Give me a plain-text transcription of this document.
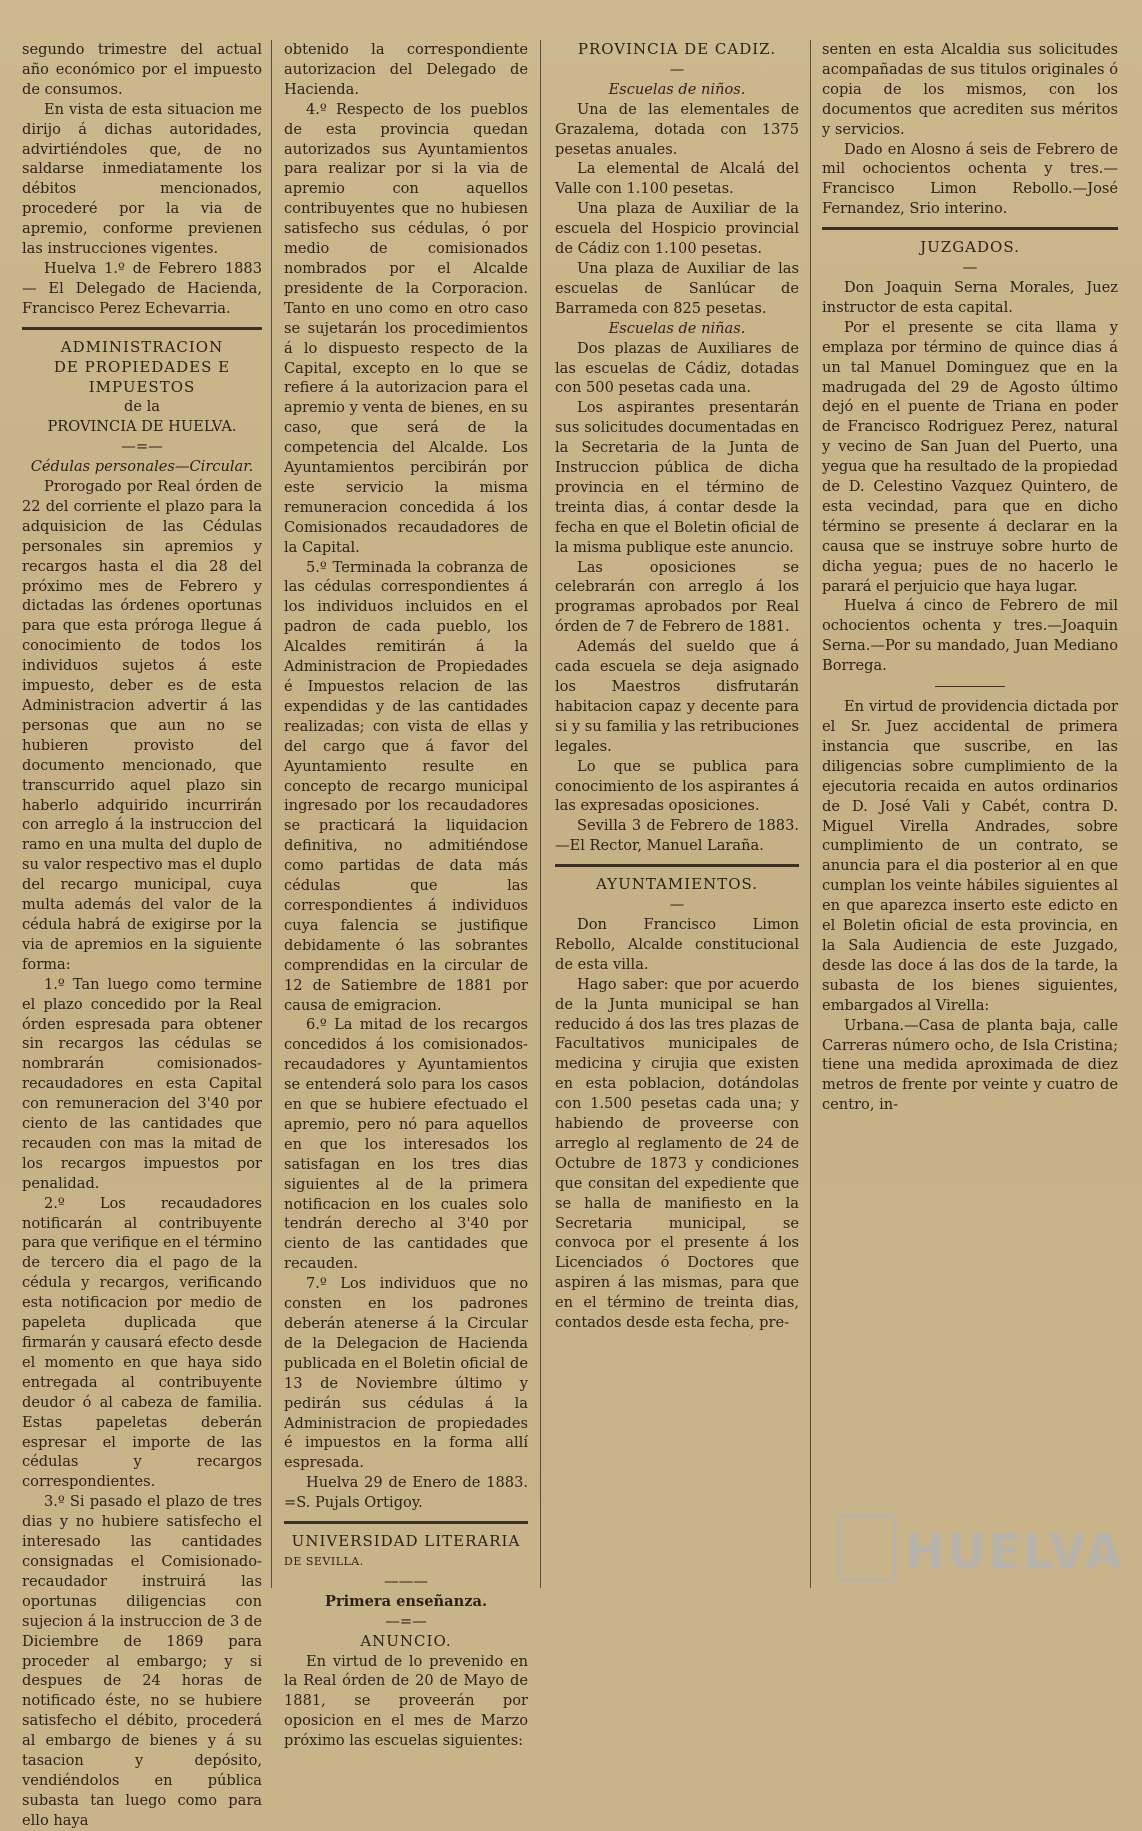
segundo trimestre del actual año económico por el impuesto de consumos.

En vista de esta situacion me dirijo á dichas autoridades, advirtiéndoles que, de no saldarse inmediatamente los débitos mencionados, procederé por la via de apremio, conforme previenen las instrucciones vigentes.

Huelva 1.º de Febrero 1883 — El Delegado de Hacienda, Francisco Perez Echevarria.

ADMINISTRACION
DE PROPIEDADES E IMPUESTOS
de la
PROVINCIA DE HUELVA.
—=—
Cédulas personales—Circular.

Prorogado por Real órden de 22 del corriente el plazo para la adquisicion de las Cédulas personales sin apremios y recargos hasta el dia 28 del próximo mes de Febrero y dictadas las órdenes oportunas para que esta próroga llegue á conocimiento de todos los individuos sujetos á este impuesto, deber es de esta Administracion advertir á las personas que aun no se hubieren provisto del documento mencionado, que transcurrido aquel plazo sin haberlo adquirido incurrirán con arreglo á la instruccion del ramo en una multa del duplo de su valor respectivo mas el duplo del recargo municipal, cuya multa además del valor de la cédula habrá de exigirse por la via de apremios en la siguiente forma:

1.º Tan luego como termine el plazo concedido por la Real órden espresada para obtener sin recargos las cédulas se nombrarán comisionados-recaudadores en esta Capital con remuneracion del 3'40 por ciento de las cantidades que recauden con mas la mitad de los recargos impuestos por penalidad.

2.º Los recaudadores notificarán al contribuyente para que verifique en el término de tercero dia el pago de la cédula y recargos, verificando esta notificacion por medio de papeleta duplicada que firmarán y causará efecto desde el momento en que haya sido entregada al contribuyente deudor ó al cabeza de familia. Estas papeletas deberán espresar el importe de las cédulas y recargos correspondientes.

3.º Si pasado el plazo de tres dias y no hubiere satisfecho el interesado las cantidades consignadas el Comisionado-recaudador instruirá las oportunas diligencias con sujecion á la instruccion de 3 de Diciembre de 1869 para proceder al embargo; y si despues de 24 horas de notificado éste, no se hubiere satisfecho el débito, procederá al embargo de bienes y á su tasacion y depósito, vendiéndolos en pública subasta tan luego como para ello haya

obtenido la correspondiente autorizacion del Delegado de Hacienda.

4.º Respecto de los pueblos de esta provincia quedan autorizados sus Ayuntamientos para realizar por si la via de apremio con aquellos contribuyentes que no hubiesen satisfecho sus cédulas, ó por medio de comisionados nombrados por el Alcalde presidente de la Corporacion. Tanto en uno como en otro caso se sujetarán los procedimientos á lo dispuesto respecto de la Capital, excepto en lo que se refiere á la autorizacion para el apremio y venta de bienes, en su caso, que será de la competencia del Alcalde. Los Ayuntamientos percibirán por este servicio la misma remuneracion concedida á los Comisionados recaudadores de la Capital.

5.º Terminada la cobranza de las cédulas correspondientes á los individuos incluidos en el padron de cada pueblo, los Alcaldes remitirán á la Administracion de Propiedades é Impuestos relacion de las expendidas y de las cantidades realizadas; con vista de ellas y del cargo que á favor del Ayuntamiento resulte en concepto de recargo municipal ingresado por los recaudadores se practicará la liquidacion definitiva, no admitiéndose como partidas de data más cédulas que las correspondientes á individuos cuya falencia se justifique debidamente ó las sobrantes comprendidas en la circular de 12 de Satiembre de 1881 por causa de emigracion.

6.º La mitad de los recargos concedidos á los comisionados-recaudadores y Ayuntamientos se entenderá solo para los casos en que se hubiere efectuado el apremio, pero nó para aquellos en que los interesados los satisfagan en los tres dias siguientes al de la primera notificacion en los cuales solo tendrán derecho al 3'40 por ciento de las cantidades que recauden.

7.º Los individuos que no consten en los padrones deberán atenerse á la Circular de la Delegacion de Hacienda publicada en el Boletin oficial de 13 de Noviembre último y pedirán sus cédulas á la Administracion de propiedades é impuestos en la forma allí espresada.

Huelva 29 de Enero de 1883. =S. Pujals Ortigoy.

UNIVERSIDAD LITERARIA
DE SEVILLA.
———
Primera enseñanza.
—=—
ANUNCIO.

En virtud de lo prevenido en la Real órden de 20 de Mayo de 1881, se proveerán por oposicion en el mes de Marzo próximo las escuelas siguientes:

PROVINCIA DE CADIZ.
—
Escuelas de niños.

Una de las elementales de Grazalema, dotada con 1375 pesetas anuales.

La elemental de Alcalá del Valle con 1.100 pesetas.

Una plaza de Auxiliar de la escuela del Hospicio provincial de Cádiz con 1.100 pesetas.

Una plaza de Auxiliar de las escuelas de Sanlúcar de Barrameda con 825 pesetas.

Escuelas de niñas.

Dos plazas de Auxiliares de las escuelas de Cádiz, dotadas con 500 pesetas cada una.

Los aspirantes presentarán sus solicitudes documentadas en la Secretaria de la Junta de Instruccion pública de dicha provincia en el término de treinta dias, á contar desde la fecha en que el Boletin oficial de la misma publique este anuncio.

Las oposiciones se celebrarán con arreglo á los programas aprobados por Real órden de 7 de Febrero de 1881.

Además del sueldo que á cada escuela se deja asignado los Maestros disfrutarán habitacion capaz y decente para si y su familia y las retribuciones legales.

Lo que se publica para conocimiento de los aspirantes á las expresadas oposiciones.

Sevilla 3 de Febrero de 1883.—El Rector, Manuel Laraña.

AYUNTAMIENTOS.
—

Don Francisco Limon Rebollo, Alcalde constitucional de esta villa.

Hago saber: que por acuerdo de la Junta municipal se han reducido á dos las tres plazas de Facultativos municipales de medicina y cirujia que existen en esta poblacion, dotándolas con 1.500 pesetas cada una; y habiendo de proveerse con arreglo al reglamento de 24 de Octubre de 1873 y condiciones que consitan del expediente que se halla de manifiesto en la Secretaria municipal, se convoca por el presente á los Licenciados ó Doctores que aspiren á las mismas, para que en el término de treinta dias, contados desde esta fecha, pre-

senten en esta Alcaldia sus solicitudes acompañadas de sus titulos originales ó copia de los mismos, con los documentos que acrediten sus méritos y servicios.

Dado en Alosno á seis de Febrero de mil ochocientos ochenta y tres.—Francisco Limon Rebollo.—José Fernandez, Srio interino.

JUZGADOS.
—

Don Joaquin Serna Morales, Juez instructor de esta capital.

Por el presente se cita llama y emplaza por término de quince dias á un tal Manuel Dominguez que en la madrugada del 29 de Agosto último dejó en el puente de Triana en poder de Francisco Rodriguez Perez, natural y vecino de San Juan del Puerto, una yegua que ha resultado de la propiedad de D. Celestino Vazquez Quintero, de esta vecindad, para que en dicho término se presente á declarar en la causa que se instruye sobre hurto de dicha yegua; pues de no hacerlo le parará el perjuicio que haya lugar.

Huelva á cinco de Febrero de mil ochocientos ochenta y tres.—Joaquin Serna.—Por su mandado, Juan Mediano Borrega.

En virtud de providencia dictada por el Sr. Juez accidental de primera instancia que suscribe, en las diligencias sobre cumplimiento de la ejecutoria recaida en autos ordinarios de D. José Vali y Cabét, contra D. Miguel Virella Andrades, sobre cumplimiento de un contrato, se anuncia para el dia posterior al en que cumplan los veinte hábiles siguientes al en que aparezca inserto este edicto en el Boletin oficial de esta provincia, en la Sala Audiencia de este Juzgado, desde las doce á las dos de la tarde, la subasta de los bienes siguientes, embargados al Virella:

Urbana.—Casa de planta baja, calle Carreras número ocho, de Isla Cristina; tiene una medida aproximada de diez metros de frente por veinte y cuatro de centro, in-

HUELVA
